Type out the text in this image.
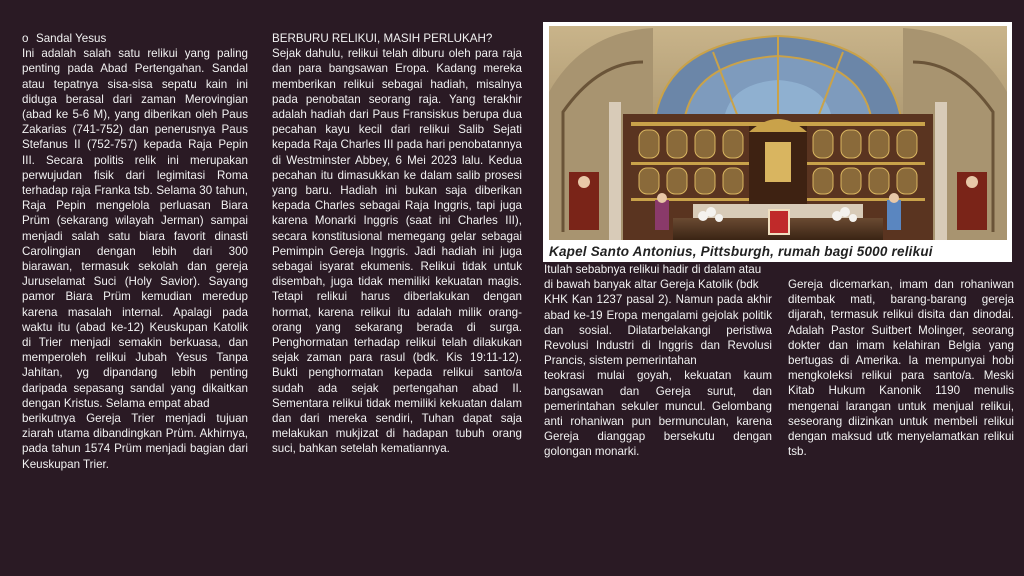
o Sandal Yesus

Ini adalah salah satu relikui yang paling penting pada Abad Pertengahan. Sandal atau tepatnya sisa-sisa sepatu kain ini diduga berasal dari zaman Merovingian (abad ke 5-6 M), yang diberikan oleh Paus Zakarias (741-752) dan penerusnya Paus Stefanus II (752-757) kepada Raja Pepin III. Secara politis relik ini merupakan perwujudan fisik dari legimitasi Roma terhadap raja Franka tsb. Selama 30 tahun, Raja Pepin mengelola perluasan Biara Prüm (sekarang wilayah Jerman) sampai menjadi salah satu biara favorit dinasti Carolingian dengan lebih dari 300 biarawan, termasuk sekolah dan gereja Juruselamat Suci (Holy Savior). Sayang pamor Biara Prüm kemudian meredup karena masalah internal. Apalagi pada waktu itu (abad ke-12) Keuskupan Katolik di Trier menjadi semakin berkuasa, dan memperoleh relikui Jubah Yesus Tanpa Jahitan, yg dipandang lebih penting daripada sepasang sandal yang dikaitkan dengan Kristus. Selama empat abad

berikutnya Gereja Trier menjadi tujuan ziarah utama dibandingkan Prüm. Akhirnya, pada tahun 1574 Prüm menjadi bagian dari Keuskupan Trier.

BERBURU RELIKUI, MASIH PERLUKAH?

Sejak dahulu, relikui telah diburu oleh para raja dan para bangsawan Eropa. Kadang mereka memberikan relikui sebagai hadiah, misalnya pada penobatan seorang raja. Yang terakhir adalah hadiah dari Paus Fransiskus berupa dua pecahan kayu kecil dari relikui Salib Sejati kepada Raja Charles III pada hari penobatannya di Westminster Abbey, 6 Mei 2023 lalu. Kedua pecahan itu dimasukkan ke dalam salib prosesi yang baru. Hadiah ini bukan saja diberikan kepada Charles sebagai Raja Inggris, tapi juga karena Monarki Inggris (saat ini Charles III), secara konstitusional memegang gelar sebagai Pemimpin Gereja Inggris. Jadi hadiah ini juga sebagai isyarat ekumenis. Relikui tidak untuk disembah, juga tidak memiliki kekuatan magis. Tetapi relikui harus diberlakukan dengan hormat, karena relikui itu adalah milik orang-orang yang sekarang berada di surga. Penghormatan terhadap relikui telah dilakukan sejak zaman para rasul (bdk. Kis 19:11-12). Bukti penghormatan kepada relikui santo/a sudah ada sejak pertengahan abad II. Sementara relikui tidak memiliki kekuatan dalam dan dari mereka sendiri, Tuhan dapat saja melakukan mukjizat di hadapan tubuh orang suci, bahkan setelah kematiannya.

Kapel Santo Antonius, Pittsburgh, rumah bagi 5000 relikui

Itulah sebabnya relikui hadir di dalam atau di bawah banyak altar Gereja Katolik (bdk

KHK Kan 1237 pasal 2). Namun pada akhir abad ke-19 Eropa mengalami gejolak politik dan sosial. Dilatarbelakangi peristiwa Revolusi Industri di Inggris dan Revolusi Prancis, sistem pemerintahan

teokrasi mulai goyah, kekuatan kaum bangsawan dan Gereja surut, dan pemerintahan sekuler muncul. Gelombang anti rohaniwan pun bermunculan, karena Gereja dianggap bersekutu dengan golongan monarki.

Gereja dicemarkan, imam dan rohaniwan ditembak mati, barang-barang gereja dijarah, termasuk relikui disita dan dinodai. Adalah Pastor Suitbert Molinger, seorang dokter dan imam kelahiran Belgia yang bertugas di Amerika. Ia mempunyai hobi mengkoleksi relikui para santo/a. Meski Kitab Hukum Kanonik 1190 menulis mengenai larangan untuk menjual relikui, seseorang diizinkan untuk membeli relikui dengan maksud utk menyelamatkan relikui tsb.
